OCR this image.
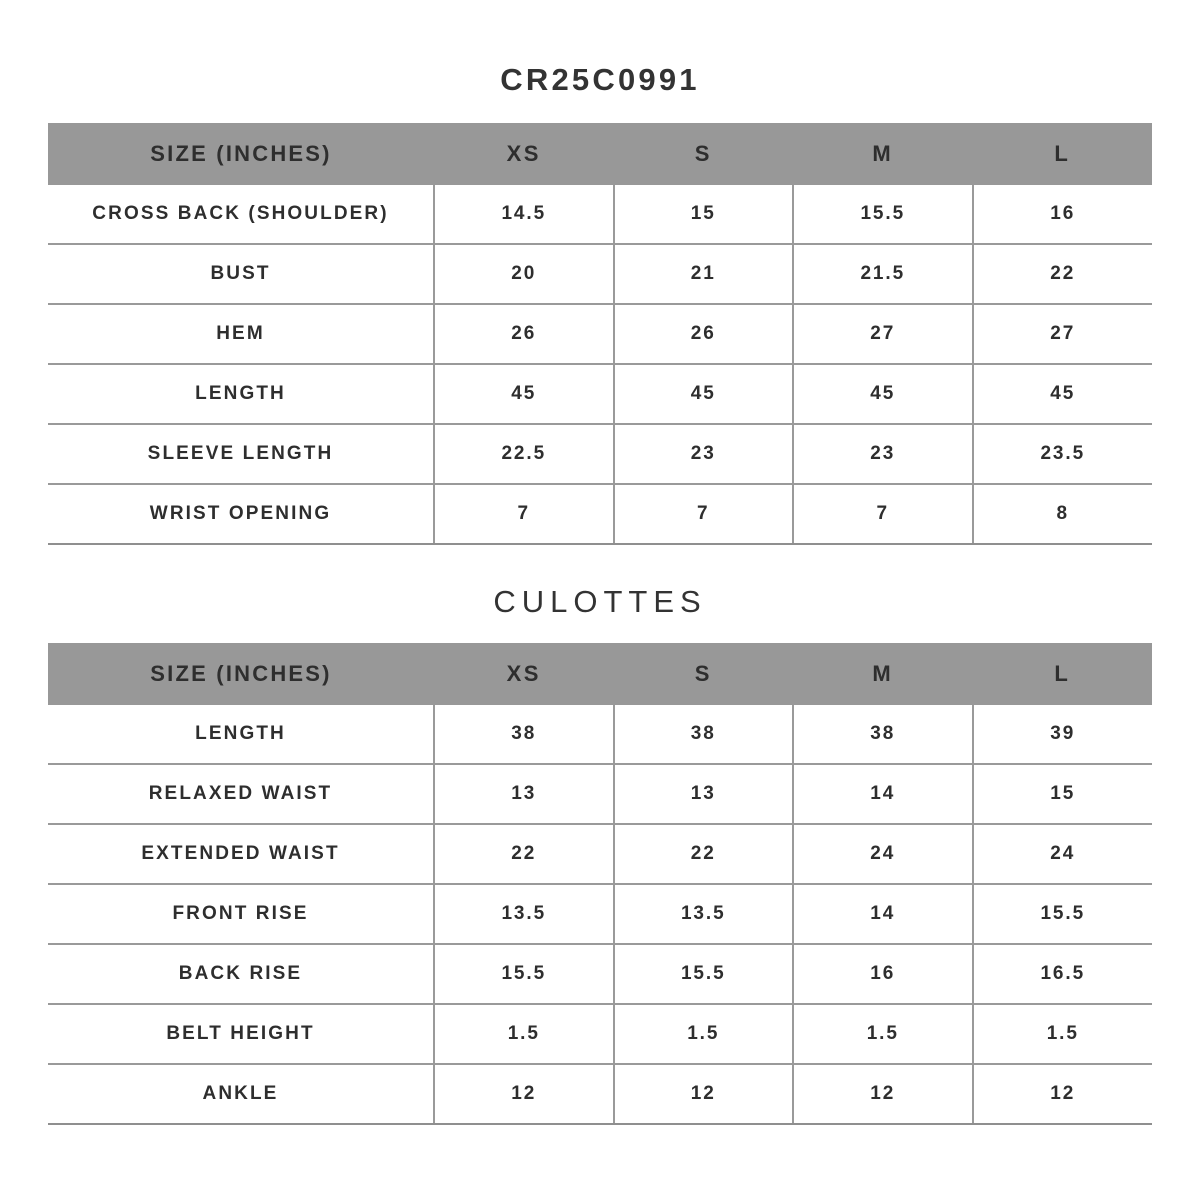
CR25C0991
SIZE (INCHES)	XS	S	M	L
CROSS BACK (SHOULDER)	14.5	15	15.5	16
BUST	20	21	21.5	22
HEM	26	26	27	27
LENGTH	45	45	45	45
SLEEVE LENGTH	22.5	23	23	23.5
WRIST OPENING	7	7	7	8
CULOTTES
SIZE (INCHES)	XS	S	M	L
LENGTH	38	38	38	39
RELAXED WAIST	13	13	14	15
EXTENDED WAIST	22	22	24	24
FRONT RISE	13.5	13.5	14	15.5
BACK RISE	15.5	15.5	16	16.5
BELT HEIGHT	1.5	1.5	1.5	1.5
ANKLE	12	12	12	12
